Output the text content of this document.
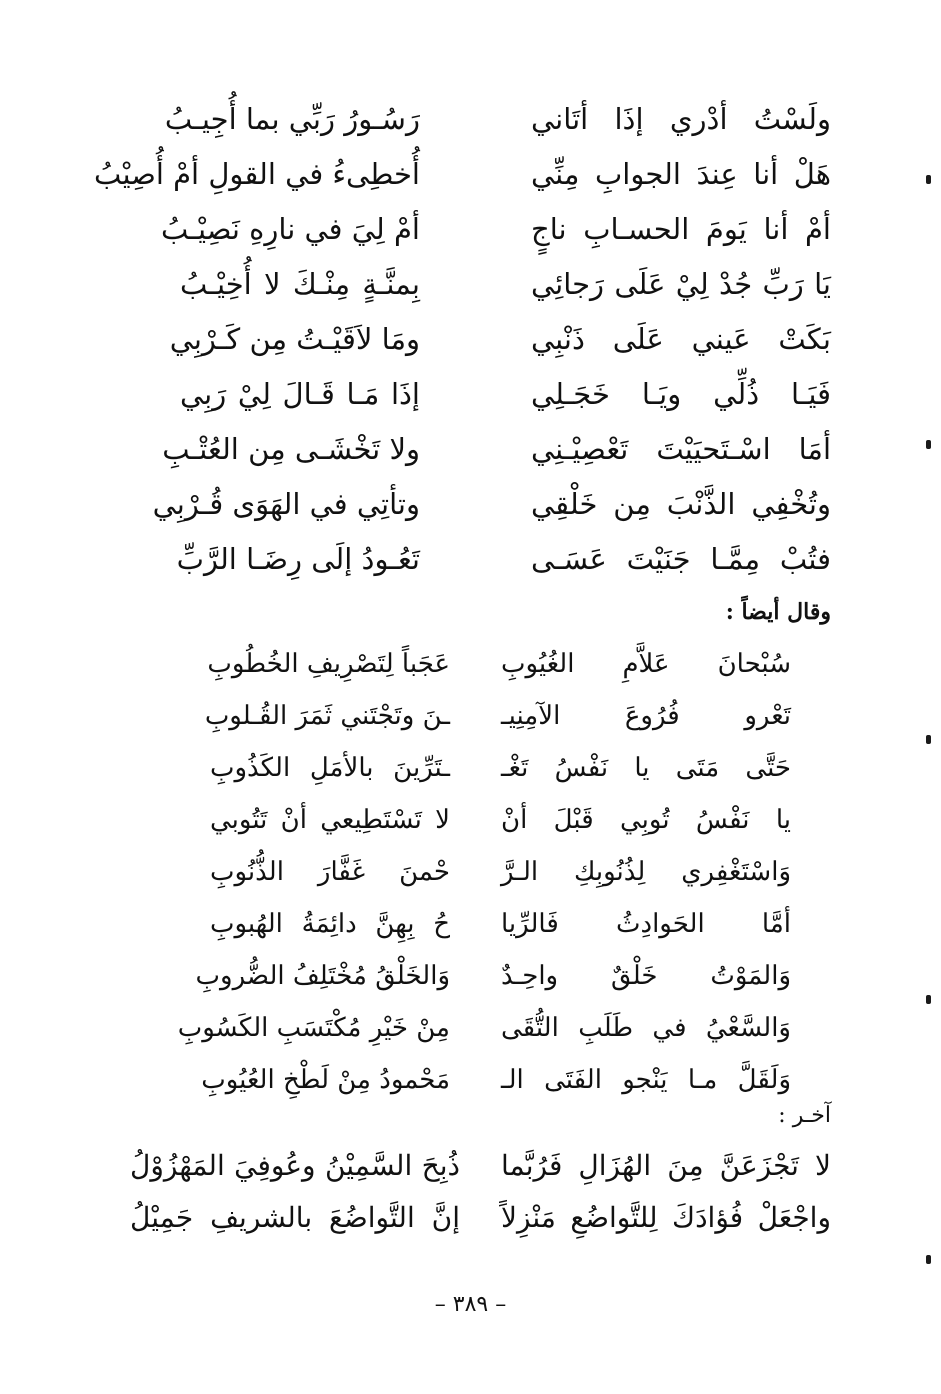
ولَسْتُ أدْري إذَا أتَاني
رَسُـورُ رَبِّي بما أُجِيـبُ
هَلْ أنا عِندَ الجوابِ مِنِّي
أُخطِىءُ في القولِ أمْ أُصِيْبُ
أمْ أنا يَومَ الحسـابِ ناجٍ
أمْ لِيَ في نارِهِ نَصِيْـبُ
يَا رَبِّ جُدْ لِيْ عَلَى رَجائِي
بِمنَّـةٍ مِنْـكَ لا أُخِيْـبُ
بَكَتْ عَيني عَلَى ذَنْبِي
ومَا لاَقَيْـتُ مِن كَـرْبِي
فَيَـا ذُلِّي ويَـا خَجَـلِي
إذَا مَـا قَـالَ لِيْ رَبِي
أمَا اسْـتَحيَيْتَ تَعْصِيْـنِي
ولا تَخْشَـى مِن العُتْـبِ
وتُخْفِي الذَّنْبَ مِن خَلْقِي
وتأتِي في الهَوَى قُـرْبِي
فتُبْ مِمَّـا جَنَيْتَ عَسَـى
تَعُـودُ إلَى رِضَـا الرَّبِّ
وقال أيضاً :
سُبْحانَ عَلاَّمِ الغُيُوبِ
عَجَباً لِتَصْرِيفِ الخُطُوبِ
تَعْرو فُرُوعَ الآمِنِيـ
ـنَ وتَجْتَني ثَمَرَ القُـلوبِ
حَتَّى مَتَى يا نَفْسُ تَغْـ
ـتَرِّينَ بالأمَلِ الكَذُوبِ
يا نَفْسُ تُوبِي قَبْلَ أنْ
لا تَسْتَطِيعي أنْ تَتُوبي
وَاسْتَغْفِري لِذُنُوبِكِ الـرَّ
حْمنَ غَفَّارَ الذُّنُوبِ
أمَّا الحَوادِثُ فَالرِّيا
حُ بِهِنَّ دائِمَةُ الهُبوبِ
وَالمَوْتُ خَلْقٌ واحِـدٌ
وَالخَلْقُ مُخْتَلِفُ الضُّروبِ
وَالسَّعْيُ في طَلَبِ التُّقَى
مِنْ خَيْرِ مُكْتَسَبِ الكَسُوبِ
وَلَقَلَّ مـا يَنْجو الفَتَى الـ
مَحْمودُ مِنْ لَطْخِ العُيُوبِ
آخـر :
لا تَجْزَعَنَّ مِنَ الهُزَالِ فَرُبَّما
ذُبِحَ السَّمِيْنُ وعُوفِيَ المَهْزُوْلُ
واجْعَلْ فُؤادَكَ لِلتَّواضُعِ مَنْزِلاً
إنَّ التَّواضُعَ بالشريفِ جَمِيْلُ
– ٣٨٩ –
